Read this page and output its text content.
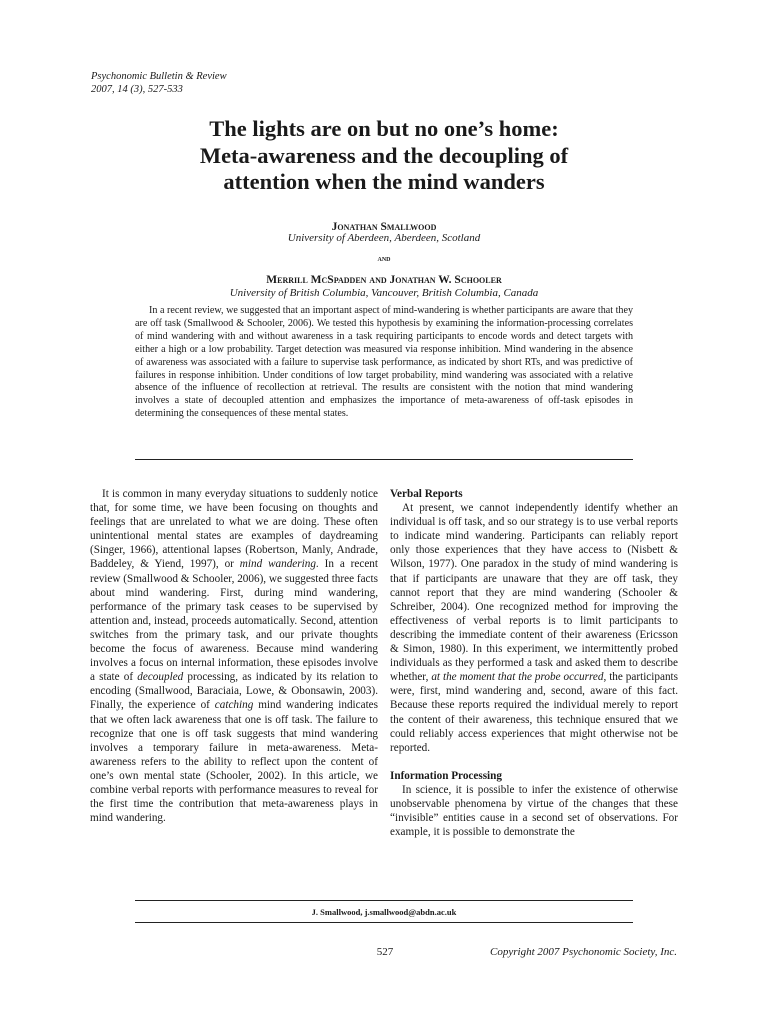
Psychonomic Bulletin & Review
2007, 14 (3), 527-533
The lights are on but no one’s home:
Meta-awareness and the decoupling of
attention when the mind wanders
Jonathan Smallwood
University of Aberdeen, Aberdeen, Scotland
and
Merrill McSpadden and Jonathan W. Schooler
University of British Columbia, Vancouver, British Columbia, Canada

In a recent review, we suggested that an important aspect of mind-wandering is whether participants are aware that they are off task (Smallwood & Schooler, 2006). We tested this hypothesis by examining the information-processing correlates of mind wandering with and without awareness in a task requiring participants to encode words and detect targets with either a high or a low probability. Target detection was measured via response inhibition. Mind wandering in the absence of awareness was associated with a failure to supervise task performance, as indicated by short RTs, and was predictive of failures in response inhibition. Under conditions of low target probability, mind wandering was associated with a relative absence of the influence of recollection at retrieval. The results are consistent with the notion that mind wandering involves a state of decoupled attention and emphasizes the importance of meta-awareness of off-task episodes in determining the consequences of these mental states.

It is common in many everyday situations to suddenly notice that, for some time, we have been focusing on thoughts and feelings that are unrelated to what we are doing. These often unintentional mental states are examples of daydreaming (Singer, 1966), attentional lapses (Robertson, Manly, Andrade, Baddeley, & Yiend, 1997), or mind wandering. In a recent review (Smallwood & Schooler, 2006), we suggested three facts about mind wandering. First, during mind wandering, performance of the primary task ceases to be supervised by attention and, instead, proceeds automatically. Second, attention switches from the primary task, and our private thoughts become the focus of awareness. Because mind wandering involves a focus on internal information, these episodes involve a state of decoupled processing, as indicated by its relation to encoding (Smallwood, Baraciaia, Lowe, & Obonsawin, 2003). Finally, the experience of catching mind wandering indicates that we often lack awareness that one is off task. The failure to recognize that one is off task suggests that mind wandering involves a temporary failure in meta-awareness. Meta-awareness refers to the ability to reflect upon the content of one’s own mental state (Schooler, 2002). In this article, we combine verbal reports with performance measures to reveal for the first time the contribution that meta-awareness plays in mind wandering.

Verbal Reports

At present, we cannot independently identify whether an individual is off task, and so our strategy is to use verbal reports to indicate mind wandering. Participants can reliably report only those experiences that they have access to (Nisbett & Wilson, 1977). One paradox in the study of mind wandering is that if participants are unaware that they are off task, they cannot report that they are mind wandering (Schooler & Schreiber, 2004). One recognized method for improving the effectiveness of verbal reports is to limit participants to describing the immediate content of their awareness (Ericsson & Simon, 1980). In this experiment, we intermittently probed individuals as they performed a task and asked them to describe whether, at the moment that the probe occurred, the participants were, first, mind wandering and, second, aware of this fact. Because these reports required the individual merely to report the content of their awareness, this technique ensured that we could reliably access experiences that might otherwise not be reported.

Information Processing

In science, it is possible to infer the existence of otherwise unobservable phenomena by virtue of the changes that these “invisible” entities cause in a second set of observations. For example, it is possible to demonstrate the

J. Smallwood, j.smallwood@abdn.ac.uk
527	Copyright 2007 Psychonomic Society, Inc.
